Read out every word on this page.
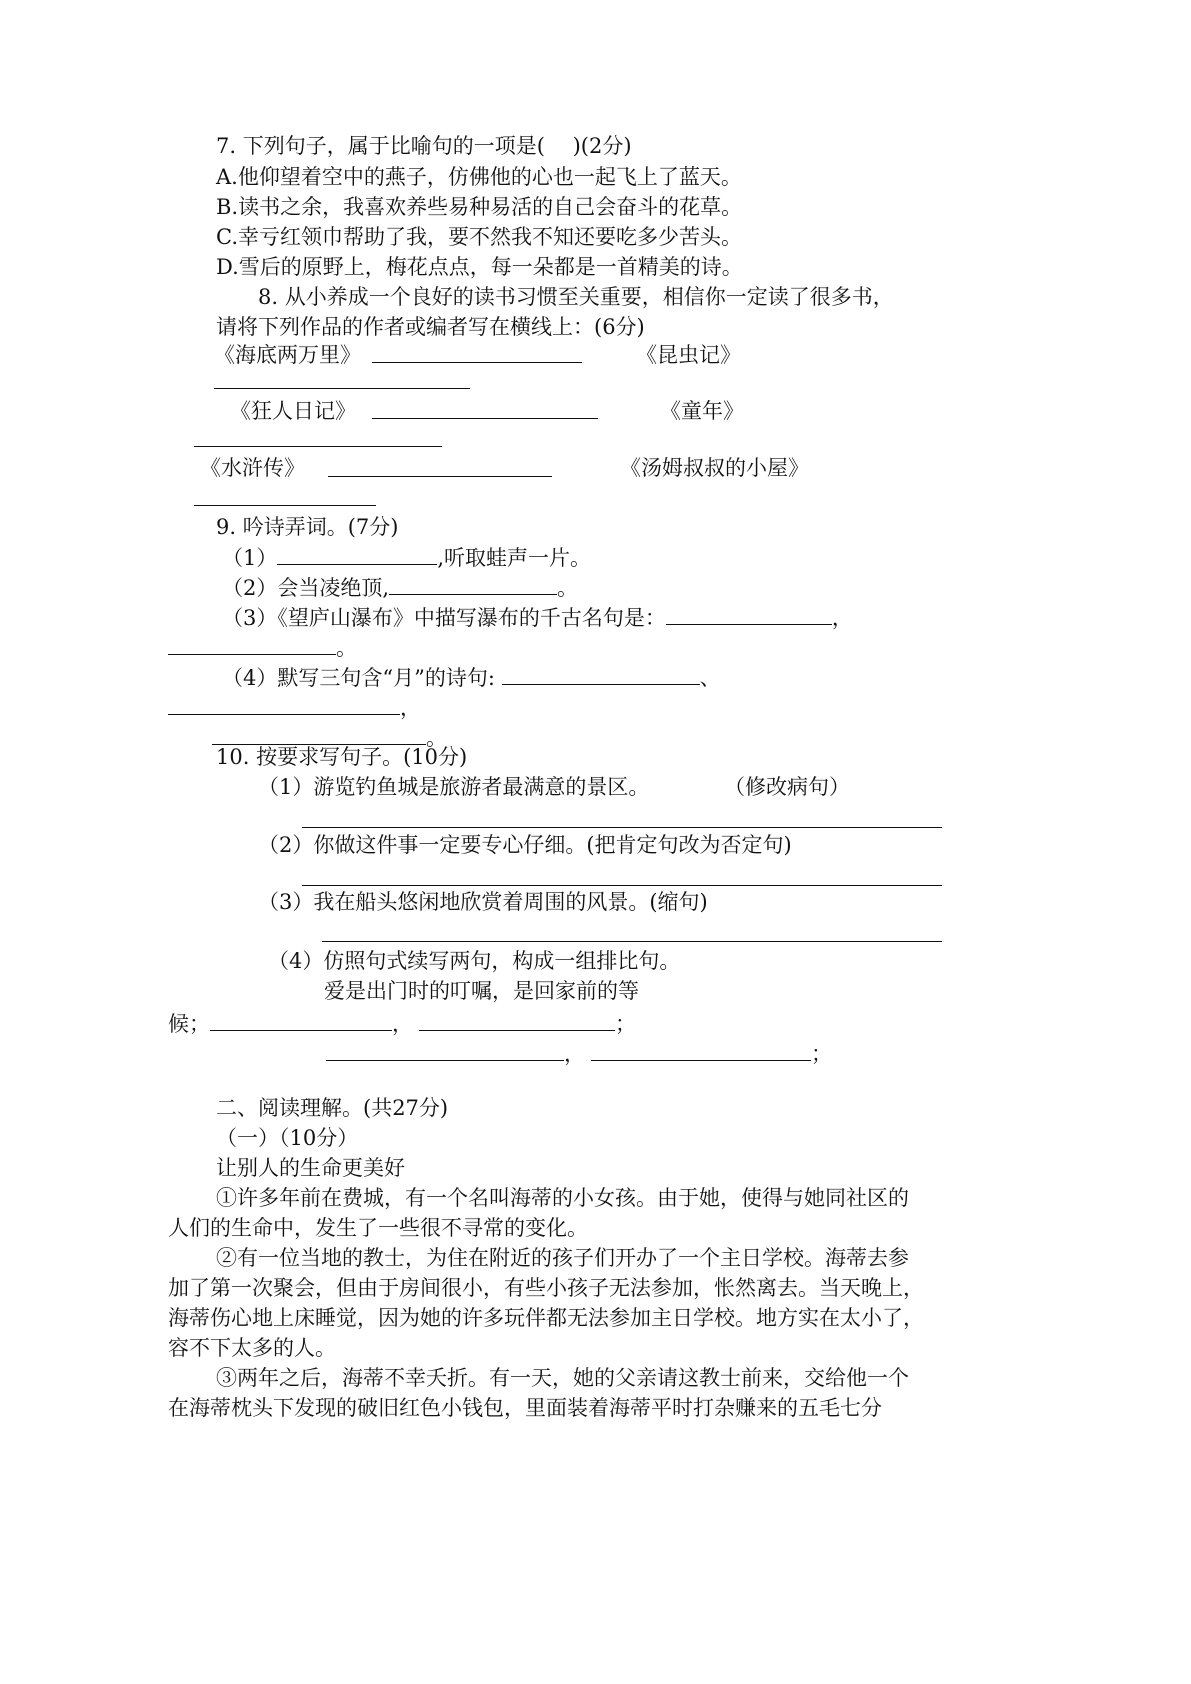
7. 下列句子，属于比喻句的一项是(　 )(2分)
A.他仰望着空中的燕子，仿佛他的心也一起飞上了蓝天。
B.读书之余，我喜欢养些易种易活的自己会奋斗的花草。
C.幸亏红领巾帮助了我，要不然我不知还要吃多少苦头。
D.雪后的原野上，梅花点点，每一朵都是一首精美的诗。
8. 从小养成一个良好的读书习惯至关重要，相信你一定读了很多书，
请将下列作品的作者或编者写在横线上：(6分)
《海底两万里》	《昆虫记》
《狂人日记》	《童年》
《水浒传》	《汤姆叔叔的小屋》
9. 吟诗弄词。(7分)
（1）	,听取蛙声一片。
（2）会当凌绝顶,	。
（3）《望庐山瀑布》中描写瀑布的千古名句是：	，
。
（4）默写三句含“月”的诗句:	、
，
。
10. 按要求写句子。(10分)
（1）游览钓鱼城是旅游者最满意的景区。	（修改病句）
（2）你做这件事一定要专心仔细。(把肯定句改为否定句)
（3）我在船头悠闲地欣赏着周围的风景。(缩句)
（4）仿照句式续写两句，构成一组排比句。
爱是出门时的叮嘱，是回家前的等
候；	，	；
，	；
二、阅读理解。(共27分)
（一）（10分）
让别人的生命更美好
①许多年前在费城，有一个名叫海蒂的小女孩。由于她，使得与她同社区的
人们的生命中，发生了一些很不寻常的变化。
②有一位当地的教士，为住在附近的孩子们开办了一个主日学校。海蒂去参
加了第一次聚会，但由于房间很小，有些小孩子无法参加，怅然离去。当天晚上，
海蒂伤心地上床睡觉，因为她的许多玩伴都无法参加主日学校。地方实在太小了，
容不下太多的人。
③两年之后，海蒂不幸夭折。有一天，她的父亲请这教士前来，交给他一个
在海蒂枕头下发现的破旧红色小钱包，里面装着海蒂平时打杂赚来的五毛七分
